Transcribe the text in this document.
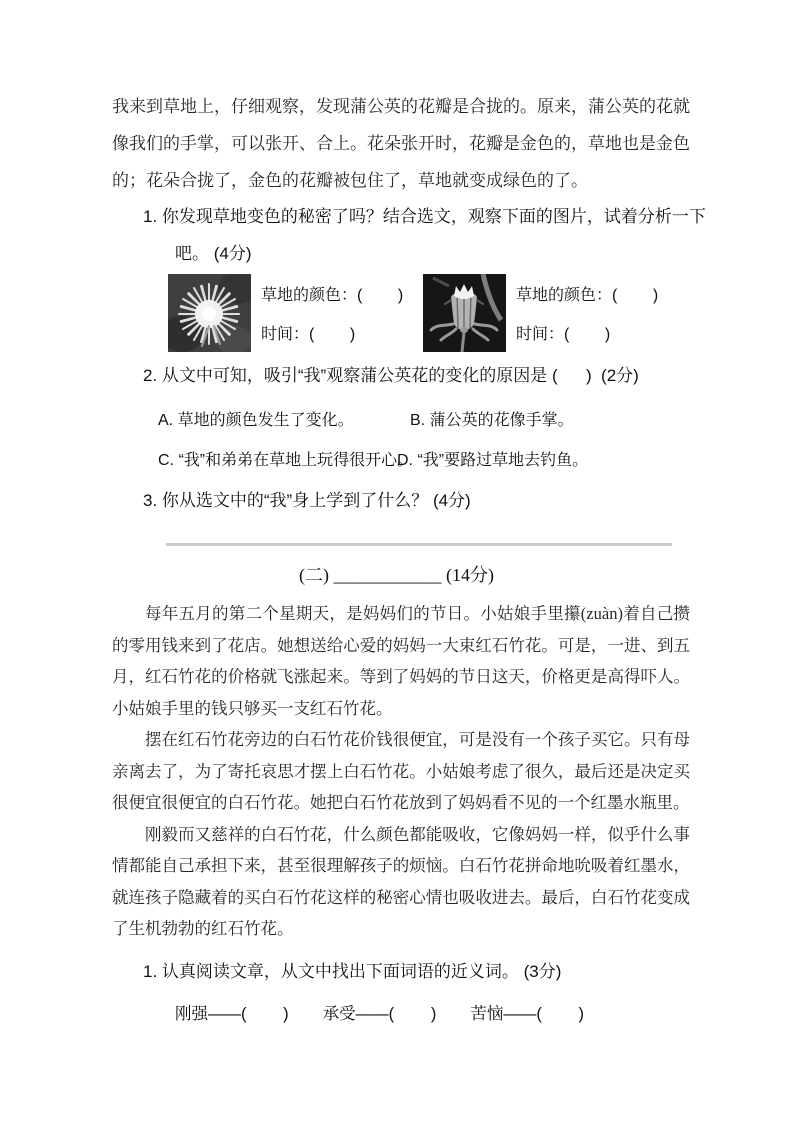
我来到草地上，仔细观察，发现蒲公英的花瓣是合拢的。原来，蒲公英的花就像我们的手掌，可以张开、合上。花朵张开时，花瓣是金色的，草地也是金色的；花朵合拢了，金色的花瓣被包住了，草地就变成绿色的了。

1. 你发现草地变色的秘密了吗？结合选文，观察下面的图片，试着分析一下

吧。 (4分)

草地的颜色：(        )

时间：(        )

草地的颜色：(        )

时间：(        )

2. 从文中可知，吸引“我”观察蒲公英花的变化的原因是 (      )  (2分)

A. 草地的颜色发生了变化。	B. 蒲公英的花像手掌。

C. “我”和弟弟在草地上玩得很开心。

D. “我”要路过草地去钓鱼。

3. 你从选文中的“我”身上学到了什么？ (4分)

(二) ____________ (14分)

每年五月的第二个星期天，是妈妈们的节日。小姑娘手里攥(zuàn)着自己攒的零用钱来到了花店。她想送给心爱的妈妈一大束红石竹花。可是，一进、到五月，红石竹花的价格就飞涨起来。等到了妈妈的节日这天，价格更是高得吓人。小姑娘手里的钱只够买一支红石竹花。

摆在红石竹花旁边的白石竹花价钱很便宜，可是没有一个孩子买它。只有母亲离去了，为了寄托哀思才摆上白石竹花。小姑娘考虑了很久，最后还是决定买很便宜很便宜的白石竹花。她把白石竹花放到了妈妈看不见的一个红墨水瓶里。

刚毅而又慈祥的白石竹花，什么颜色都能吸收，它像妈妈一样，似乎什么事情都能自己承担下来，甚至很理解孩子的烦恼。白石竹花拼命地吮吸着红墨水，就连孩子隐藏着的买白石竹花这样的秘密心情也吸收进去。最后，白石竹花变成了生机勃勃的红石竹花。

1. 认真阅读文章，从文中找出下面词语的近义词。 (3分)

刚强——(        ) 承受——(        ) 苦恼——(        )
